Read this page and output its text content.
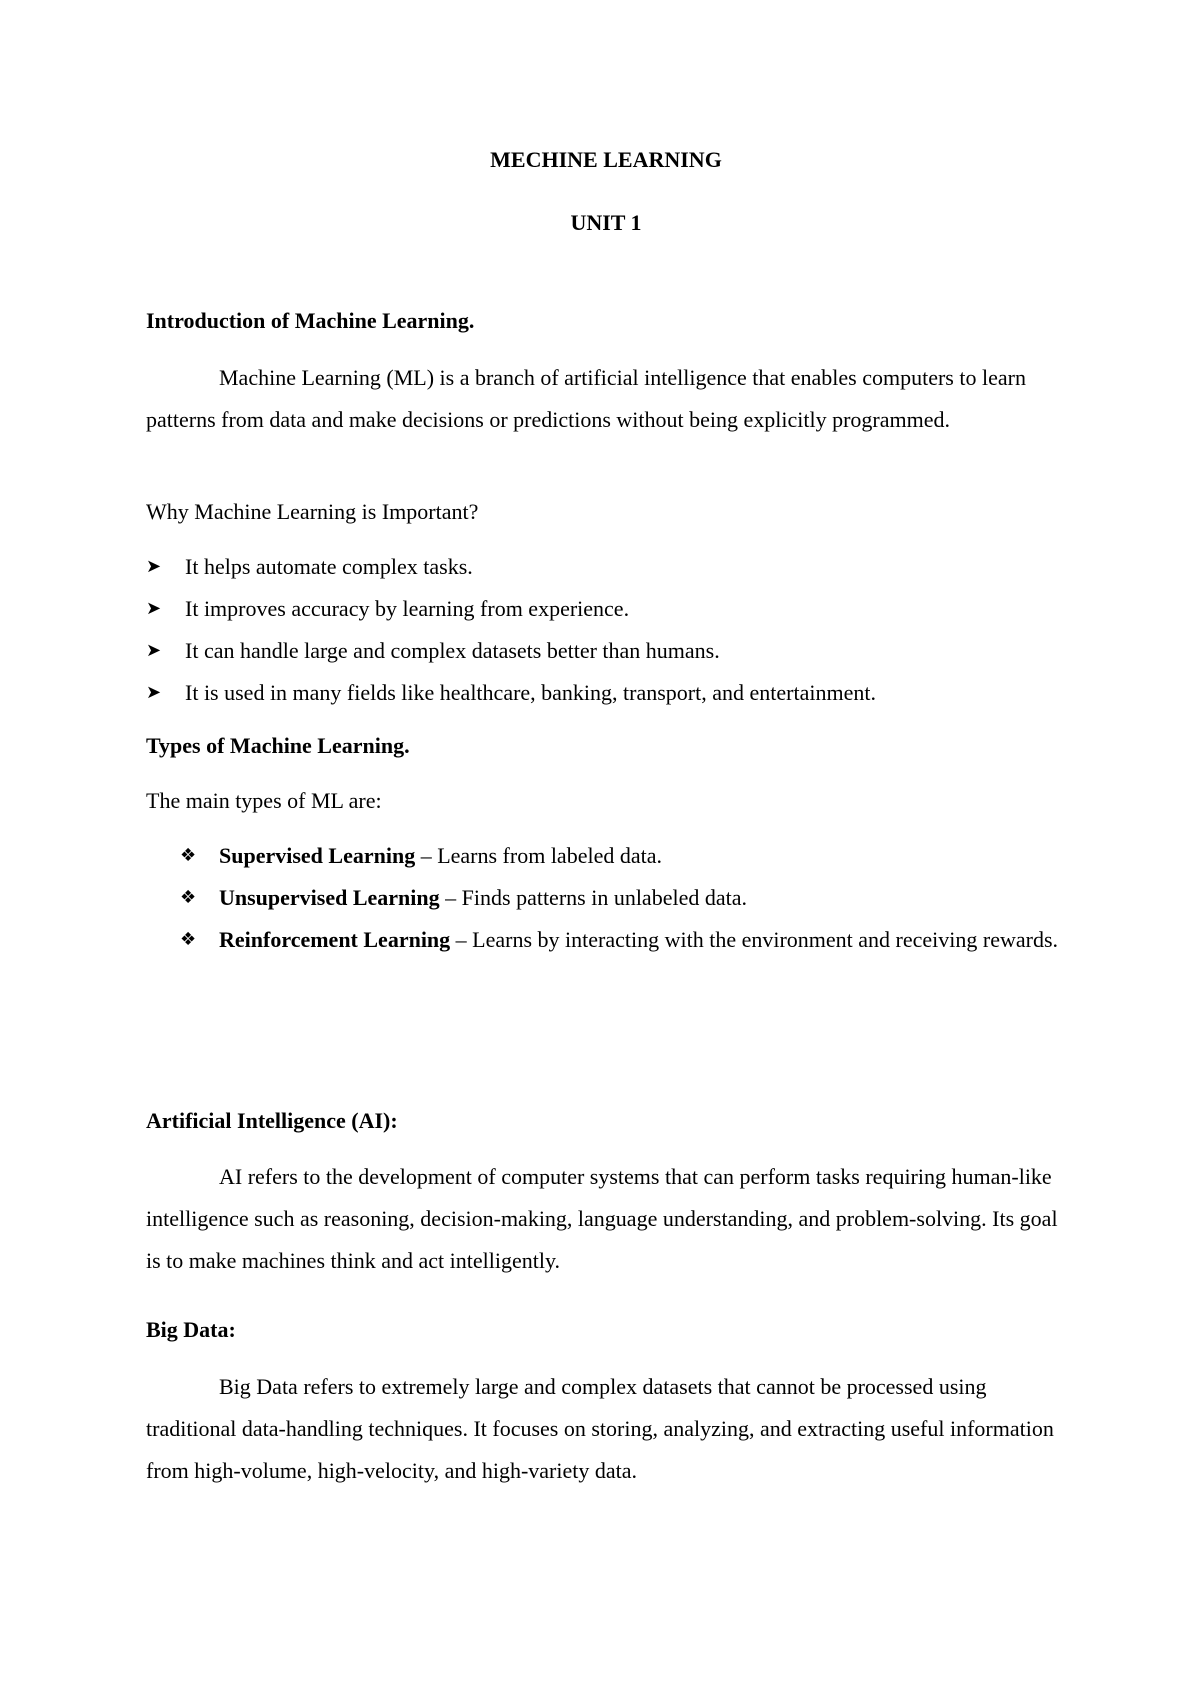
MECHINE LEARNING
UNIT 1
Introduction of Machine Learning.

Machine Learning (ML) is a branch of artificial intelligence that enables computers to learn patterns from data and make decisions or predictions without being explicitly programmed.

Why Machine Learning is Important?
➤	It helps automate complex tasks.
➤	It improves accuracy by learning from experience.
➤	It can handle large and complex datasets better than humans.
➤	It is used in many fields like healthcare, banking, transport, and entertainment.
Types of Machine Learning.
The main types of ML are:
❖	Supervised Learning – Learns from labeled data.
❖	Unsupervised Learning – Finds patterns in unlabeled data.
❖	Reinforcement Learning – Learns by interacting with the environment and receiving rewards.
Artificial Intelligence (AI):

AI refers to the development of computer systems that can perform tasks requiring human-like intelligence such as reasoning, decision-making, language understanding, and problem-solving. Its goal is to make machines think and act intelligently.

Big Data:

Big Data refers to extremely large and complex datasets that cannot be processed using traditional data-handling techniques. It focuses on storing, analyzing, and extracting useful information from high-volume, high-velocity, and high-variety data.
